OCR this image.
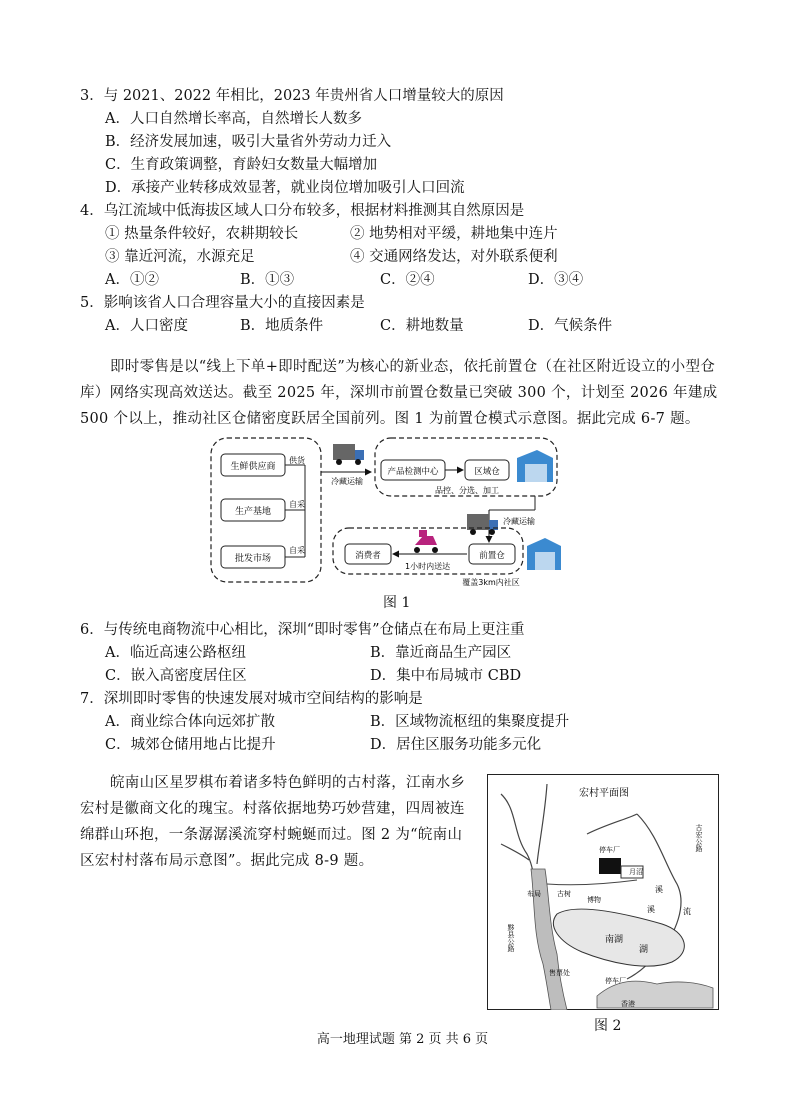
3．与 2021、2022 年相比，2023 年贵州省人口增量较大的原因
A．人口自然增长率高，自然增长人数多
B．经济发展加速，吸引大量省外劳动力迁入
C．生育政策调整，育龄妇女数量大幅增加
D．承接产业转移成效显著，就业岗位增加吸引人口回流
4．乌江流域中低海拔区域人口分布较多，根据材料推测其自然原因是
① 热量条件较好，农耕期较长	② 地势相对平缓，耕地集中连片
③ 靠近河流，水源充足	④ 交通网络发达，对外联系便利
A．①②	B．①③	C．②④	D．③④
5．影响该省人口合理容量大小的直接因素是
A．人口密度	B．地质条件	C．耕地数量	D．气候条件
即时零售是以“线上下单+即时配送”为核心的新业态，依托前置仓（在社区附近设立的小型仓库）网络实现高效送达。截至 2025 年，深圳市前置仓数量已突破 300 个，计划至 2026 年建成 500 个以上，推动社区仓储密度跃居全国前列。图 1 为前置仓模式示意图。据此完成 6-7 题。
生鲜供应商
生产基地
批发市场
供货
自采
自采
冷藏运输
产品检测中心	区域仓
品控、分选、加工
冷藏运输
消费者
1小时内送达
前置仓
覆盖3km内社区
图 1
6．与传统电商物流中心相比，深圳“即时零售”仓储点在布局上更注重
A．临近高速公路枢纽	B．靠近商品生产园区
C．嵌入高密度居住区	D．集中布局城市 CBD
7．深圳即时零售的快速发展对城市空间结构的影响是
A．商业综合体向远郊扩散	B．区域物流枢纽的集聚度提升
C．城郊仓储用地占比提升	D．居住区服务功能多元化
皖南山区星罗棋布着诸多特色鲜明的古村落，江南水乡宏村是徽商文化的瑰宝。村落依据地势巧妙营建，四周被连绵群山环抱，一条潺潺溪流穿村蜿蜒而过。图 2 为“皖南山区宏村村落布局示意图”。据此完成 8-9 题。
宏村平面图
停车厂
停车厂
布局 古树
博物
月沼
售票处
香港
溪
溪	流
南湖
湖
黟县公路
古宏公路
图 2
高一地理试题 第 2 页 共 6 页
